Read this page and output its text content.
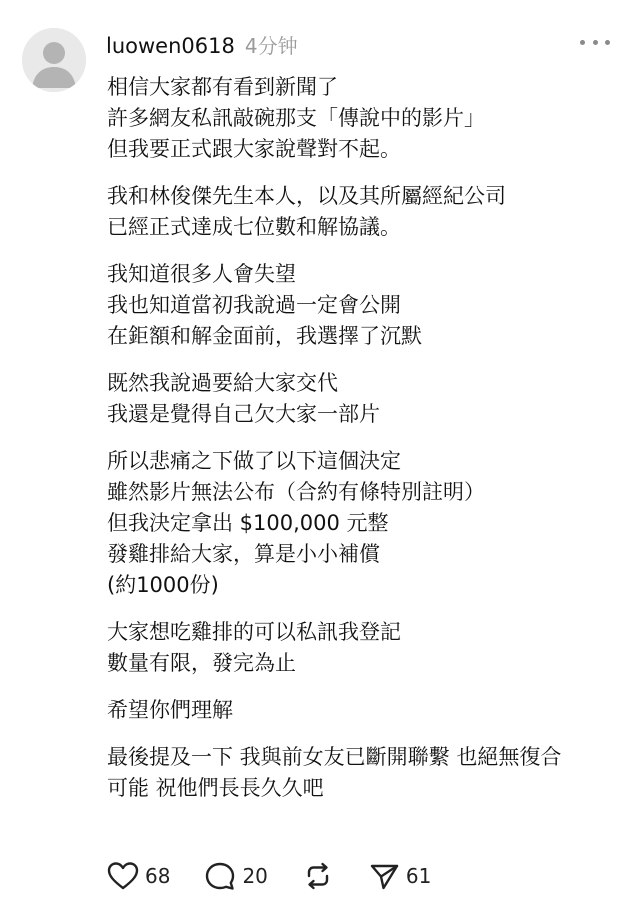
luowen0618 4分钟
相信大家都有看到新聞了
許多網友私訊敲碗那支「傳說中的影片」
但我要正式跟大家說聲對不起。
我和林俊傑先生本人，以及其所屬經紀公司
已經正式達成七位數和解協議。
我知道很多人會失望
我也知道當初我說過一定會公開
在鉅額和解金面前，我選擇了沉默
既然我說過要給大家交代
我還是覺得自己欠大家一部片
所以悲痛之下做了以下這個決定
雖然影片無法公布（合約有條特別註明）
但我決定拿出 $100,000 元整
發雞排給大家，算是小小補償
(約1000份)
大家想吃雞排的可以私訊我登記
數量有限，發完為止
希望你們理解
最後提及一下 我與前女友已斷開聯繫 也絕無復合
可能 祝他們長長久久吧
68	20	61
